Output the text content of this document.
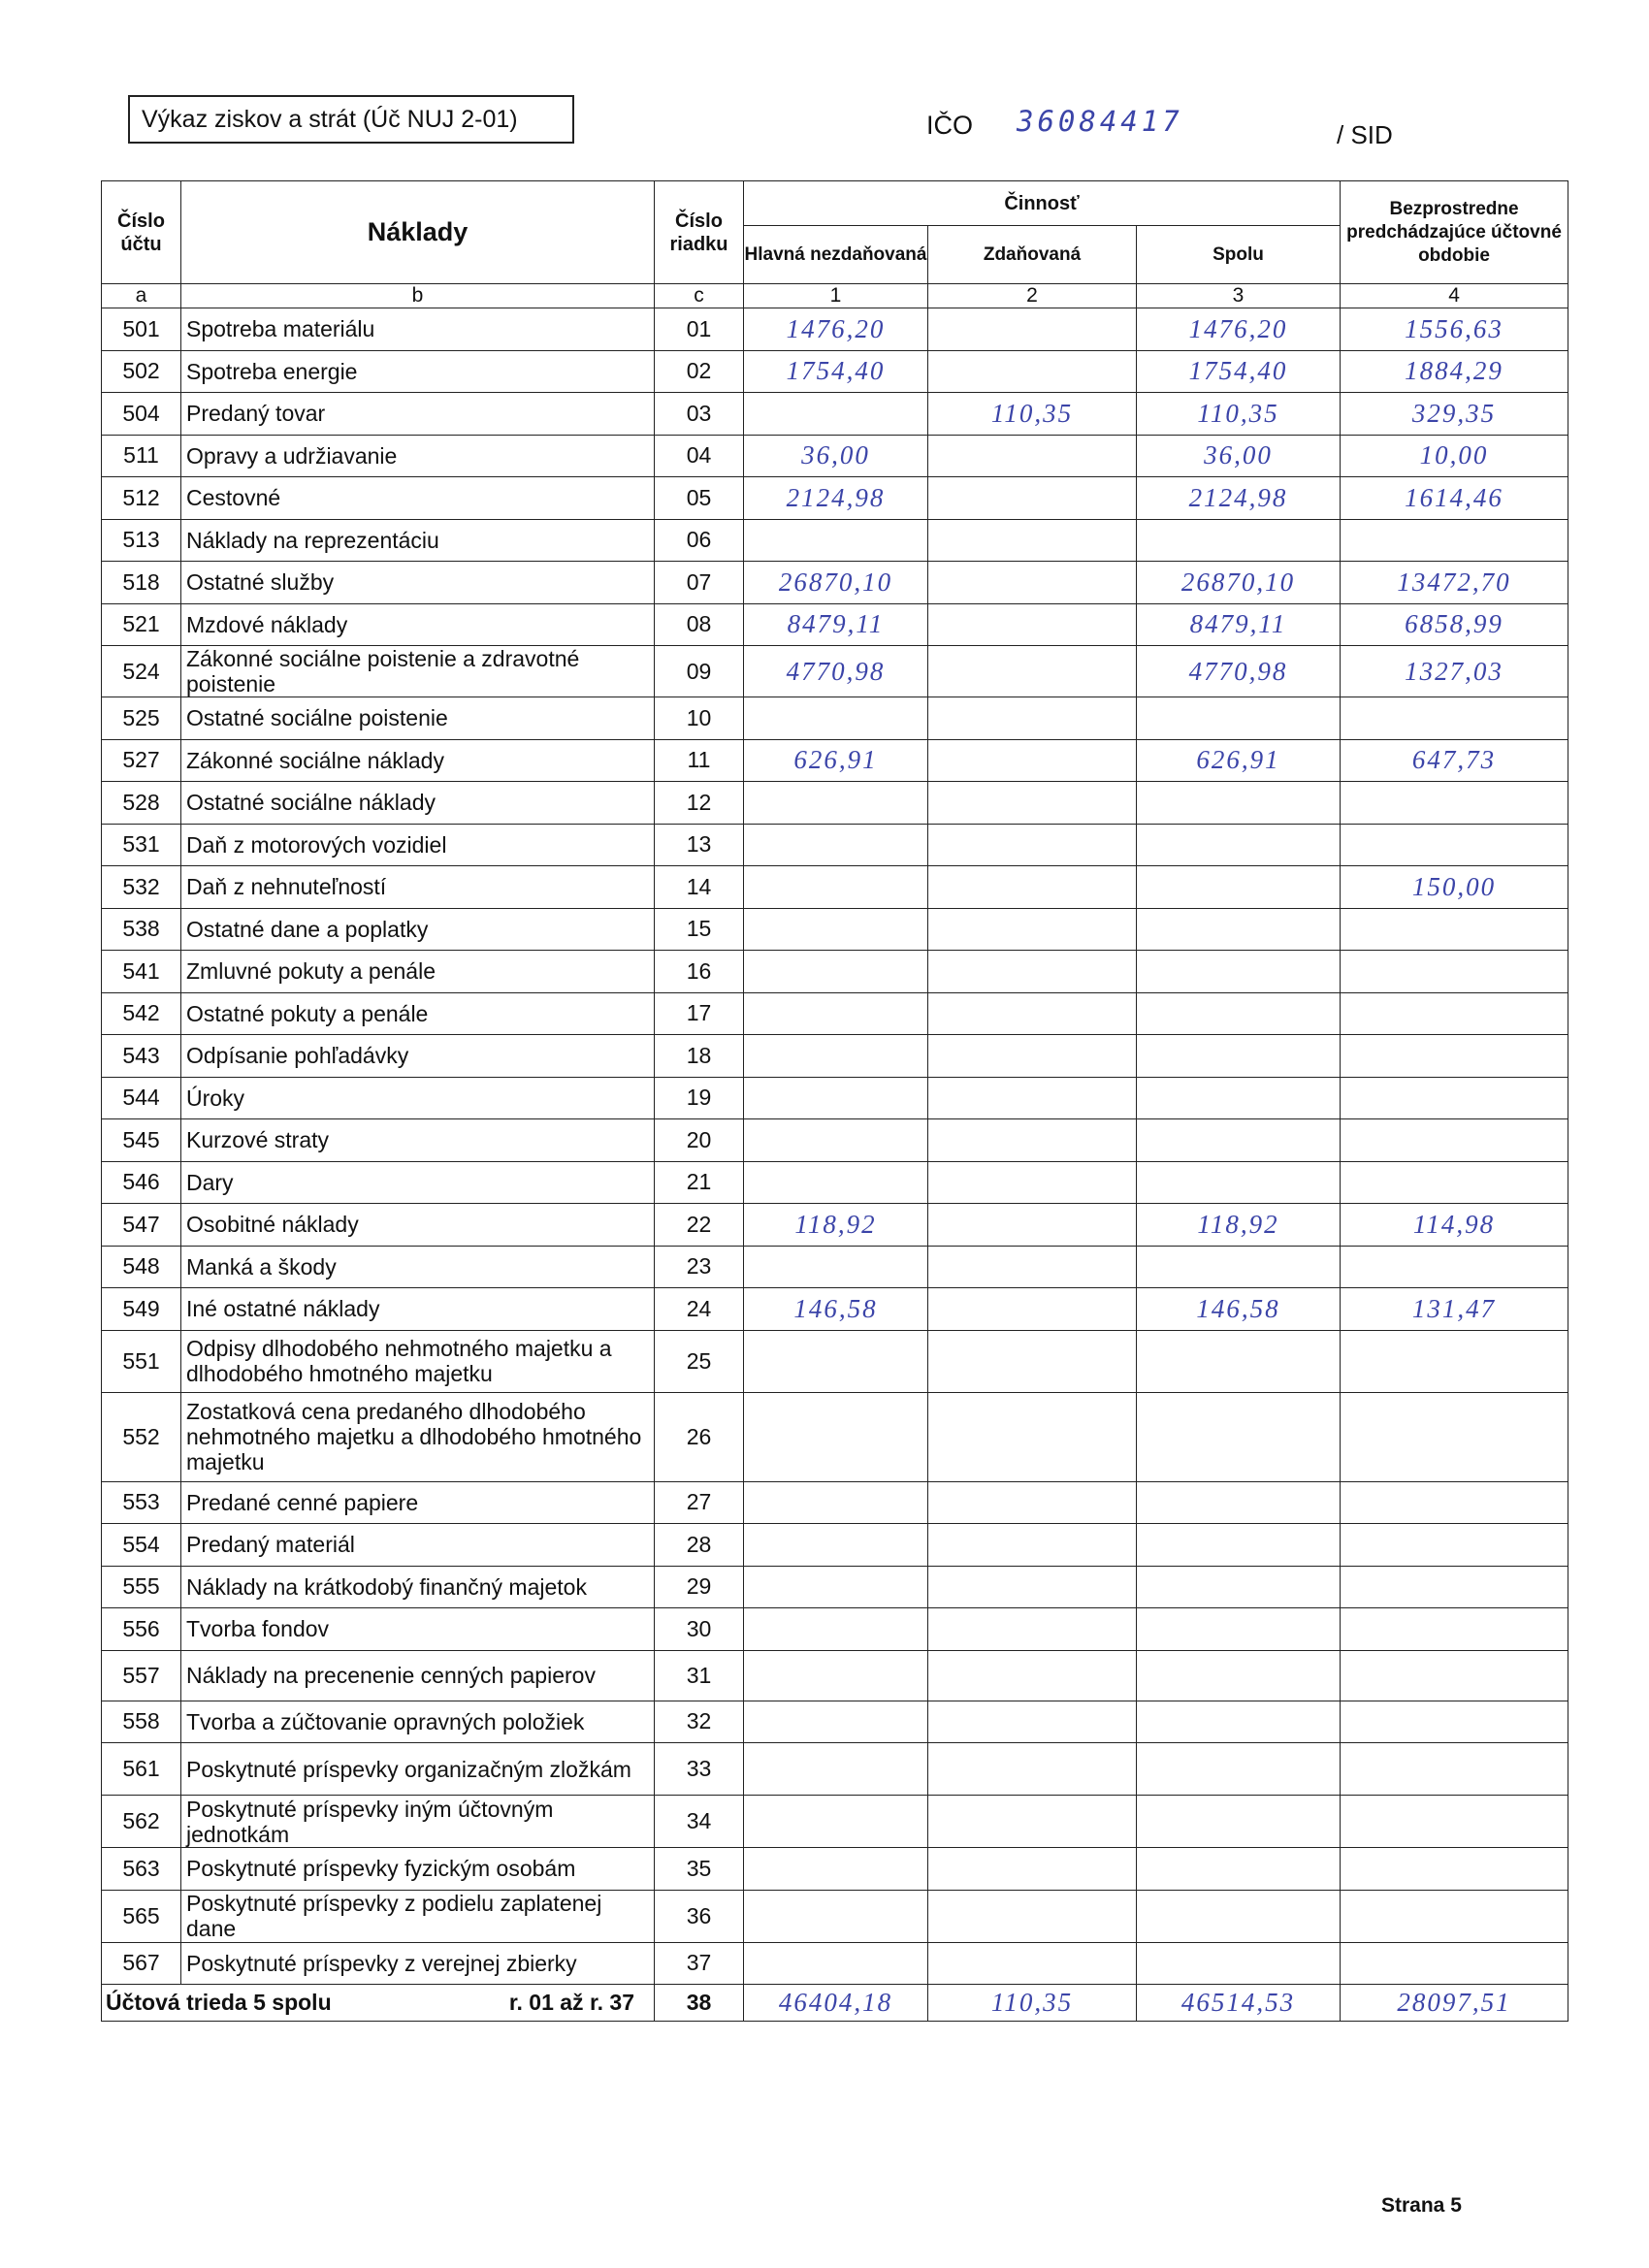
Výkaz ziskov a strát (Úč NUJ 2-01)	IČO 36084417	/ SID
Číslo účtu	Náklady	Číslo riadku	Činnosť			Bezprostredne predchádzajúce účtovné obdobie
			Hlavná nezdaňovaná	Zdaňovaná	Spolu	
a	b	c	1	2	3	4
501	Spotreba materiálu	01	1476,20		1476,20	1556,63
502	Spotreba energie	02	1754,40		1754,40	1884,29
504	Predaný tovar	03		110,35	110,35	329,35
511	Opravy a udržiavanie	04	36,00		36,00	10,00
512	Cestovné	05	2124,98		2124,98	1614,46
513	Náklady na reprezentáciu	06				
518	Ostatné služby	07	26870,10		26870,10	13472,70
521	Mzdové náklady	08	8479,11		8479,11	6858,99
524	Zákonné sociálne poistenie a zdravotné poistenie	09	4770,98		4770,98	1327,03
525	Ostatné sociálne poistenie	10				
527	Zákonné sociálne náklady	11	626,91		626,91	647,73
528	Ostatné sociálne náklady	12				
531	Daň z motorových vozidiel	13				
532	Daň z nehnuteľností	14				150,00
538	Ostatné dane a poplatky	15				
541	Zmluvné pokuty a penále	16				
542	Ostatné pokuty a penále	17				
543	Odpísanie pohľadávky	18				
544	Úroky	19				
545	Kurzové straty	20				
546	Dary	21				
547	Osobitné náklady	22	118,92		118,92	114,98
548	Manká a škody	23				
549	Iné ostatné náklady	24	146,58		146,58	131,47
551	Odpisy dlhodobého nehmotného majetku a dlhodobého hmotného majetku	25				
552	Zostatková cena predaného dlhodobého nehmotného majetku a dlhodobého hmotného majetku	26				
553	Predané cenné papiere	27				
554	Predaný materiál	28				
555	Náklady na krátkodobý finančný majetok	29				
556	Tvorba fondov	30				
557	Náklady na precenenie cenných papierov	31				
558	Tvorba a zúčtovanie opravných položiek	32				
561	Poskytnuté príspevky organizačným zložkám	33				
562	Poskytnuté príspevky iným účtovným jednotkám	34				
563	Poskytnuté príspevky fyzickým osobám	35				
565	Poskytnuté príspevky z podielu zaplatenej dane	36				
567	Poskytnuté príspevky z verejnej zbierky	37				
Účtová trieda 5 spolu r. 01 až r. 37		38	46404,18	110,35	46514,53	28097,51
Strana 5
